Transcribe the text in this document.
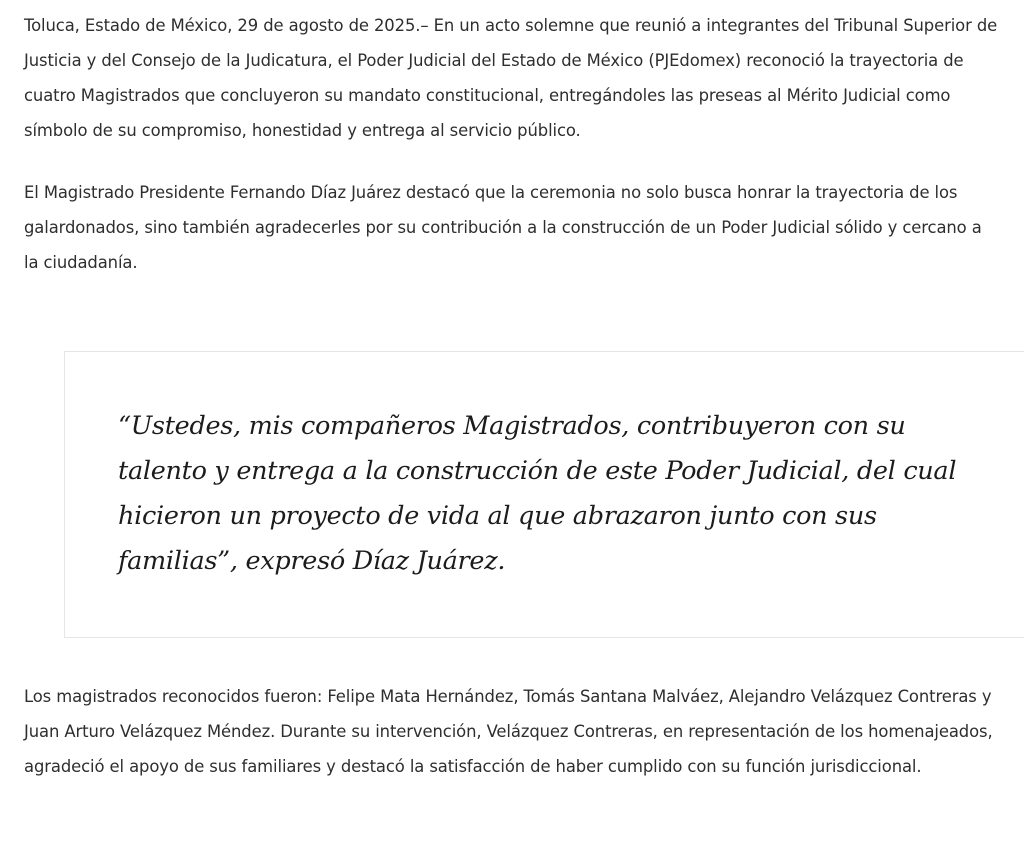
Toluca, Estado de México, 29 de agosto de 2025.– En un acto solemne que reunió a integrantes del Tribunal Superior de Justicia y del Consejo de la Judicatura, el Poder Judicial del Estado de México (PJEdomex) reconoció la trayectoria de cuatro Magistrados que concluyeron su mandato constitucional, entregándoles las preseas al Mérito Judicial como símbolo de su compromiso, honestidad y entrega al servicio público.

El Magistrado Presidente Fernando Díaz Juárez destacó que la ceremonia no solo busca honrar la trayectoria de los galardonados, sino también agradecerles por su contribución a la construcción de un Poder Judicial sólido y cercano a la ciudadanía.

“Ustedes, mis compañeros Magistrados, contribuyeron con su talento y entrega a la construcción de este Poder Judicial, del cual hicieron un proyecto de vida al que abrazaron junto con sus familias”, expresó Díaz Juárez.

Los magistrados reconocidos fueron: Felipe Mata Hernández, Tomás Santana Malváez, Alejandro Velázquez Contreras y Juan Arturo Velázquez Méndez. Durante su intervención, Velázquez Contreras, en representación de los homenajeados, agradeció el apoyo de sus familiares y destacó la satisfacción de haber cumplido con su función jurisdiccional.
